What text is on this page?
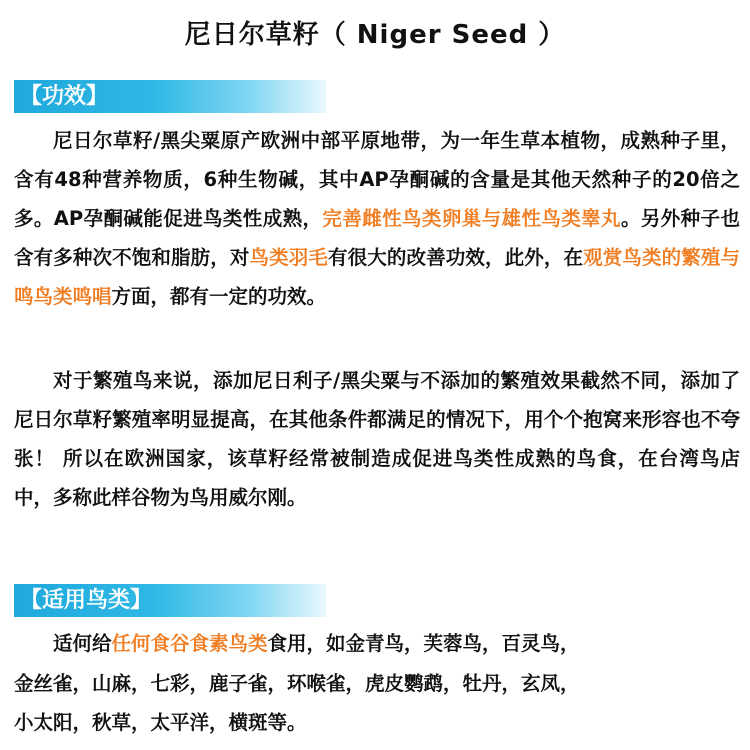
尼日尔草籽（ Niger Seed ）
【功效】

尼日尔草籽/黑尖粟原产欧洲中部平原地带，为一年生草本植物，成熟种子里，含有48种营养物质，6种生物碱，其中AP孕酮碱的含量是其他天然种子的20倍之多。AP孕酮碱能促进鸟类性成熟，完善雌性鸟类卵巢与雄性鸟类睾丸。另外种子也含有多种次不饱和脂肪，对鸟类羽毛有很大的改善功效，此外，在观赏鸟类的繁殖与鸣鸟类鸣唱方面，都有一定的功效。

对于繁殖鸟来说，添加尼日利子/黑尖粟与不添加的繁殖效果截然不同，添加了尼日尔草籽繁殖率明显提高，在其他条件都满足的情况下，用个个抱窝来形容也不夸张！ 所以在欧洲国家，该草籽经常被制造成促进鸟类性成熟的鸟食，在台湾鸟店中，多称此样谷物为鸟用威尔刚。

【适用鸟类】

适何给任何食谷食素鸟类食用，如金青鸟，芙蓉鸟，百灵鸟，

金丝雀，山麻，七彩，鹿子雀，环喉雀，虎皮鹦鹉，牡丹，玄凤，

小太阳，秋草，太平洋，横斑等。
